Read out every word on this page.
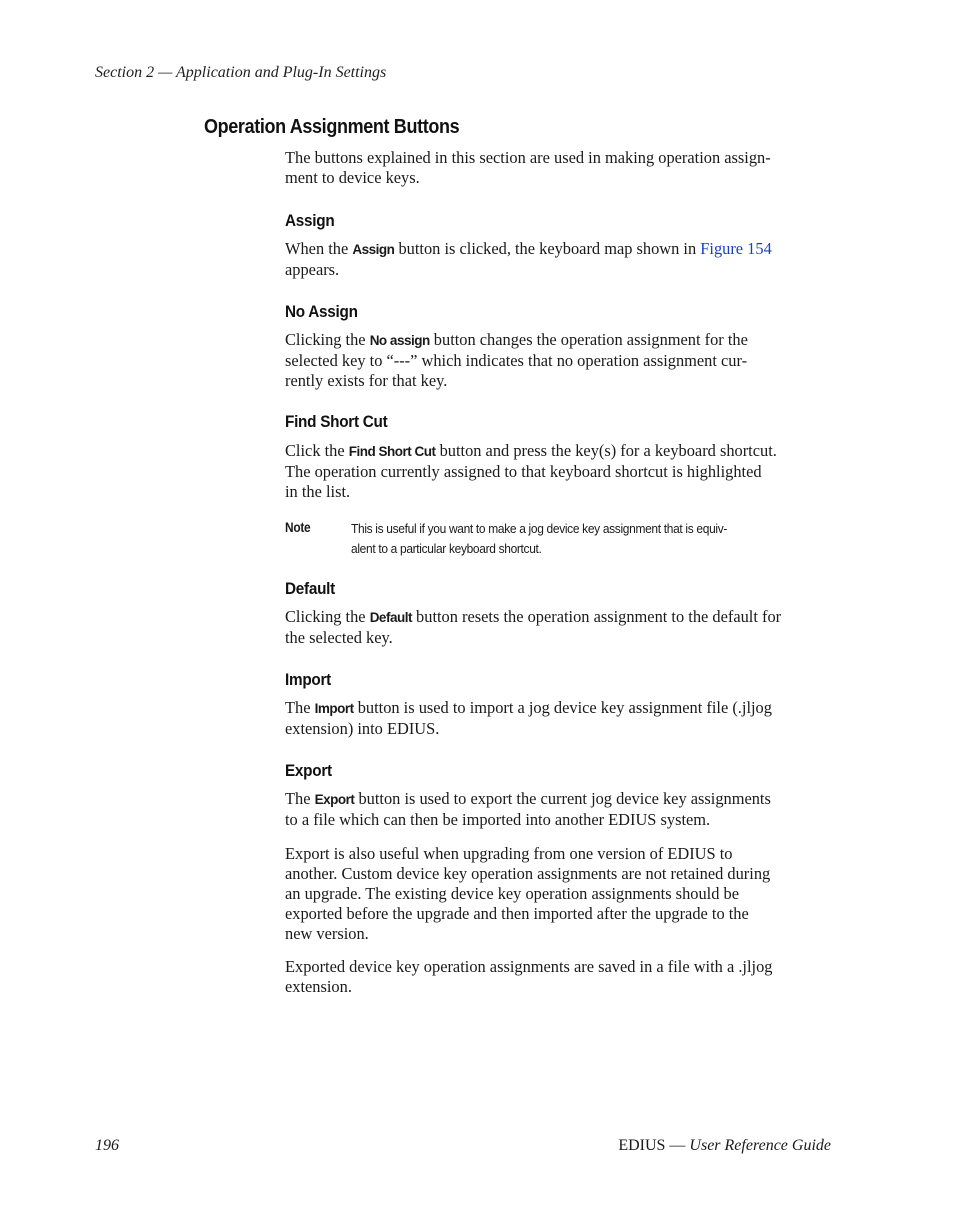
Section 2 — Application and Plug-In Settings
Operation Assignment Buttons

The buttons explained in this section are used in making operation assign-

ment to device keys.

Assign

When the Assign button is clicked, the keyboard map shown in Figure 154

appears.

No Assign

Clicking the No assign button changes the operation assignment for the

selected key to “---” which indicates that no operation assignment cur-

rently exists for that key.

Find Short Cut

Click the Find Short Cut button and press the key(s) for a keyboard shortcut.

The operation currently assigned to that keyboard shortcut is highlighted

in the list.

Note	This is useful if you want to make a jog device key assignment that is equiv-
alent to a particular keyboard shortcut.
Default

Clicking the Default button resets the operation assignment to the default for

the selected key.

Import

The Import button is used to import a jog device key assignment file (.jljog

extension) into EDIUS.

Export

The Export button is used to export the current jog device key assignments

to a file which can then be imported into another EDIUS system.

Export is also useful when upgrading from one version of EDIUS to

another. Custom device key operation assignments are not retained during

an upgrade. The existing device key operation assignments should be

exported before the upgrade and then imported after the upgrade to the

new version.

Exported device key operation assignments are saved in a file with a .jljog

extension.

196	EDIUS — User Reference Guide
